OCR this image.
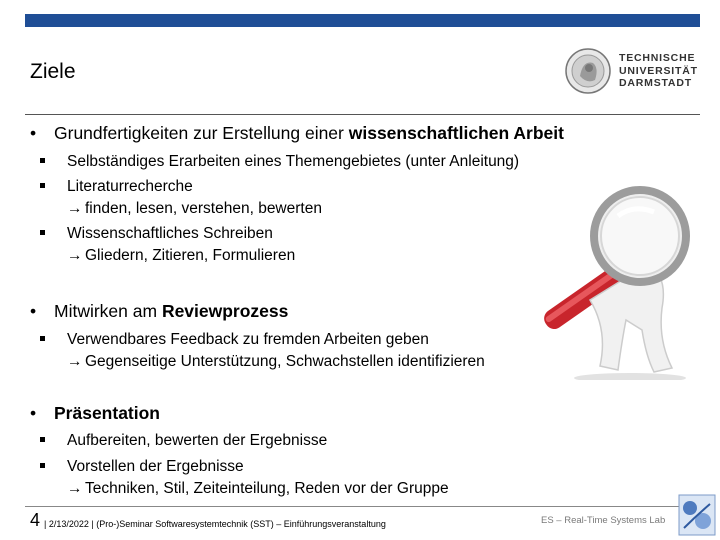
Ziele
TECHNISCHE
UNIVERSITÄT
DARMSTADT
• Grundfertigkeiten zur Erstellung einer wissenschaftlichen Arbeit
Selbständiges Erarbeiten eines Themengebietes (unter Anleitung)
Literaturrecherche
→ finden, lesen, verstehen, bewerten
Wissenschaftliches Schreiben
→ Gliedern, Zitieren, Formulieren
• Mitwirken am Reviewprozess
Verwendbares Feedback zu fremden Arbeiten geben
→ Gegenseitige Unterstützung, Schwachstellen identifizieren
• Präsentation
Aufbereiten, bewerten der Ergebnisse
Vorstellen der Ergebnisse
→ Techniken, Stil, Zeiteinteilung, Reden vor der Gruppe
4 | 2/13/2022 | (Pro-)Seminar Softwaresystemtechnik (SST) – Einführungsveranstaltung	ES – Real-Time Systems Lab
